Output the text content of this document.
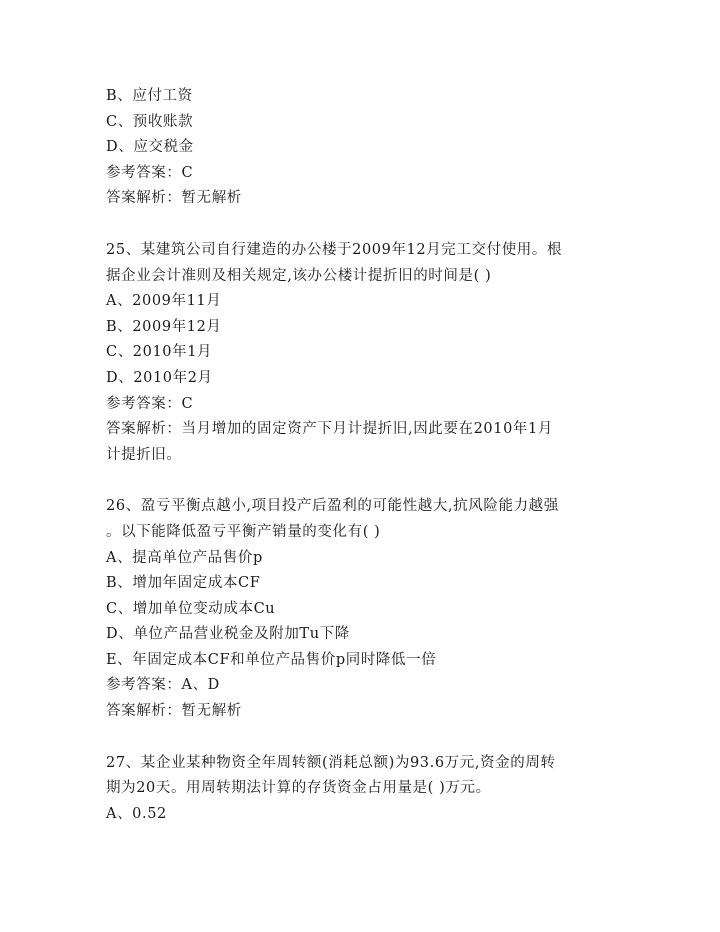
B、应付工资
C、预收账款
D、应交税金
参考答案：C
答案解析：暂无解析
25、某建筑公司自行建造的办公楼于2009年12月完工交付使用。根
据企业会计准则及相关规定,该办公楼计提折旧的时间是( )
A、2009年11月
B、2009年12月
C、2010年1月
D、2010年2月
参考答案：C
答案解析：当月增加的固定资产下月计提折旧,因此要在2010年1月
计提折旧。
26、盈亏平衡点越小,项目投产后盈利的可能性越大,抗风险能力越强
。以下能降低盈亏平衡产销量的变化有( )
A、提高单位产品售价p
B、增加年固定成本CF
C、增加单位变动成本Cu
D、单位产品营业税金及附加Tu下降
E、年固定成本CF和单位产品售价p同时降低一倍
参考答案：A、D
答案解析：暂无解析
27、某企业某种物资全年周转额(消耗总额)为93.6万元,资金的周转
期为20天。用周转期法计算的存货资金占用量是( )万元。
A、0.52
